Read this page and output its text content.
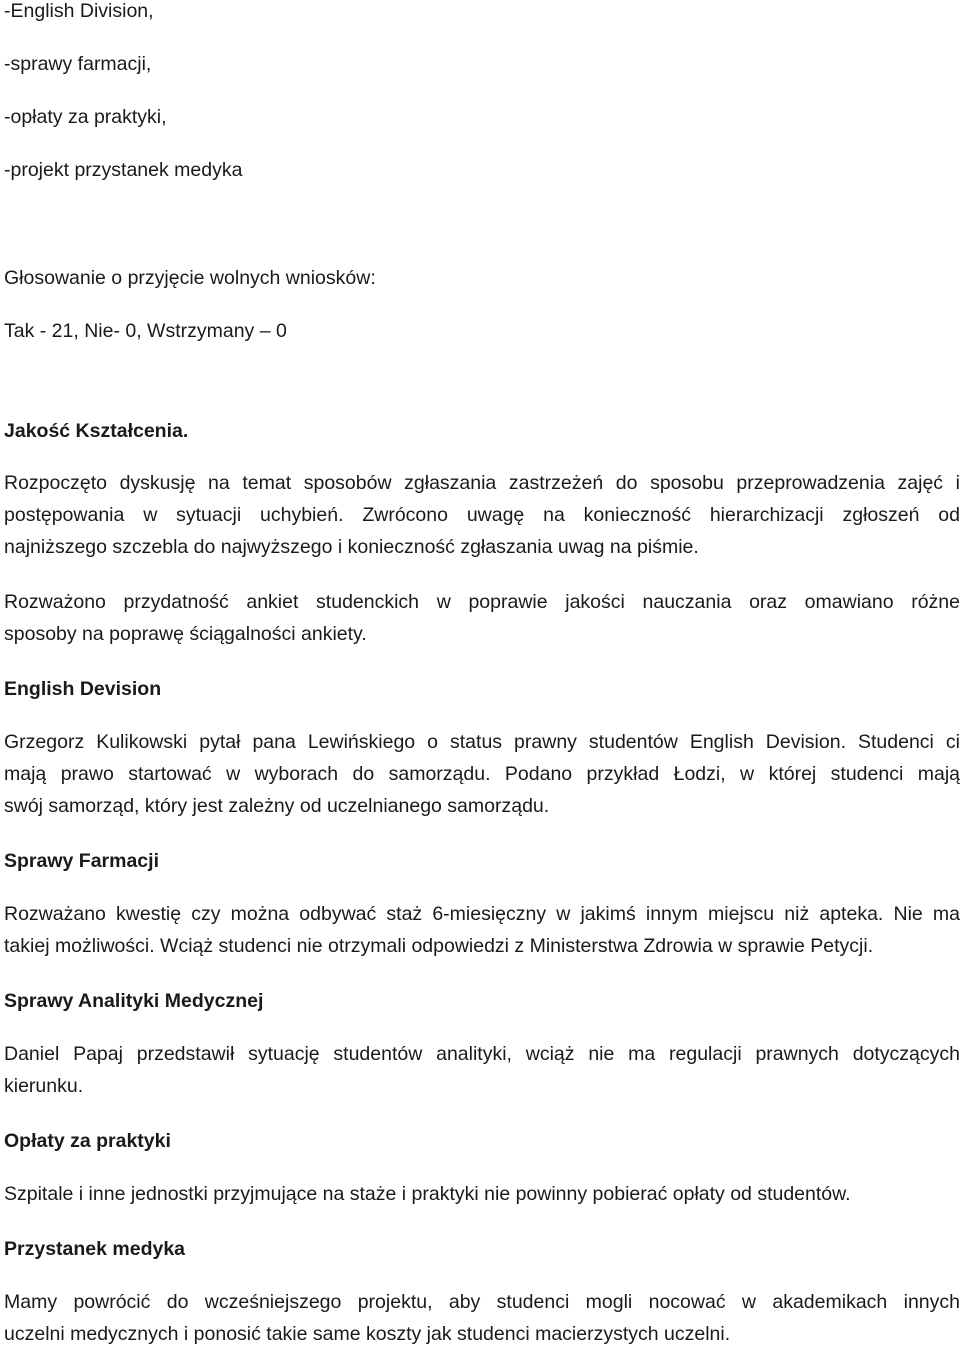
-English Division,
-sprawy farmacji,
-opłaty za praktyki,
-projekt przystanek medyka
Głosowanie o przyjęcie wolnych wniosków:
Tak - 21, Nie- 0, Wstrzymany – 0
Jakość Kształcenia.
Rozpoczęto dyskusję na temat sposobów zgłaszania zastrzeżeń do sposobu przeprowadzenia zajęć i
postępowania w sytuacji uchybień. Zwrócono uwagę na konieczność hierarchizacji zgłoszeń od
najniższego szczebla do najwyższego i konieczność zgłaszania uwag na piśmie.
Rozważono przydatność ankiet studenckich w poprawie jakości nauczania oraz omawiano różne
sposoby na poprawę ściągalności ankiety.
English Devision
Grzegorz Kulikowski pytał pana Lewińskiego o status prawny studentów English Devision. Studenci ci
mają prawo startować w wyborach do samorządu. Podano przykład Łodzi, w której studenci mają
swój samorząd, który jest zależny od uczelnianego samorządu.
Sprawy Farmacji
Rozważano kwestię czy można odbywać staż 6-miesięczny w jakimś innym miejscu niż apteka. Nie ma
takiej możliwości. Wciąż studenci nie otrzymali odpowiedzi z Ministerstwa Zdrowia w sprawie Petycji.
Sprawy Analityki Medycznej
Daniel Papaj przedstawił sytuację studentów analityki, wciąż nie ma regulacji prawnych dotyczących
kierunku.
Opłaty za praktyki
Szpitale i inne jednostki przyjmujące na staże i praktyki nie powinny pobierać opłaty od studentów.
Przystanek medyka
Mamy powrócić do wcześniejszego projektu, aby studenci mogli nocować w akademikach innych
uczelni medycznych i ponosić takie same koszty jak studenci macierzystych uczelni.
